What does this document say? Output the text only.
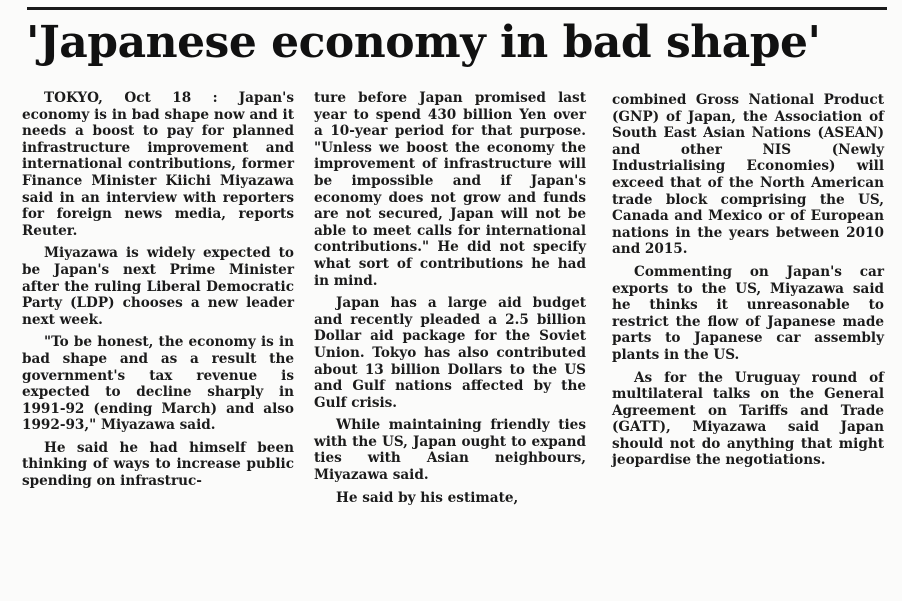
'Japanese economy in bad shape'

TOKYO, Oct 18 : Japan's economy is in bad shape now and it needs a boost to pay for planned infrastructure improvement and international contributions, former Finance Minister Kiichi Miyazawa said in an interview with reporters for foreign news media, reports Reuter.

Miyazawa is widely expected to be Japan's next Prime Minister after the ruling Liberal Democratic Party (LDP) chooses a new leader next week.

"To be honest, the economy is in bad shape and as a result the government's tax revenue is expected to decline sharply in 1991-92 (ending March) and also 1992-93," Miyazawa said.

He said he had himself been thinking of ways to increase public spending on infrastruc-

ture before Japan promised last year to spend 430 billion Yen over a 10-year period for that purpose. "Unless we boost the economy the improvement of infrastructure will be impossible and if Japan's economy does not grow and funds are not secured, Japan will not be able to meet calls for international contributions." He did not specify what sort of contributions he had in mind.

Japan has a large aid budget and recently pleaded a 2.5 billion Dollar aid package for the Soviet Union. Tokyo has also contributed about 13 billion Dollars to the US and Gulf nations affected by the Gulf crisis.

While maintaining friendly ties with the US, Japan ought to expand ties with Asian neighbours, Miyazawa said.

He said by his estimate,

combined Gross National Product (GNP) of Japan, the Association of South East Asian Nations (ASEAN) and other NIS (Newly Industrialising Economies) will exceed that of the North American trade block comprising the US, Canada and Mexico or of European nations in the years between 2010 and 2015.

Commenting on Japan's car exports to the US, Miyazawa said he thinks it unreasonable to restrict the flow of Japanese made parts to Japanese car assembly plants in the US.

As for the Uruguay round of multilateral talks on the General Agreement on Tariffs and Trade (GATT), Miyazawa said Japan should not do anything that might jeopardise the negotiations.
